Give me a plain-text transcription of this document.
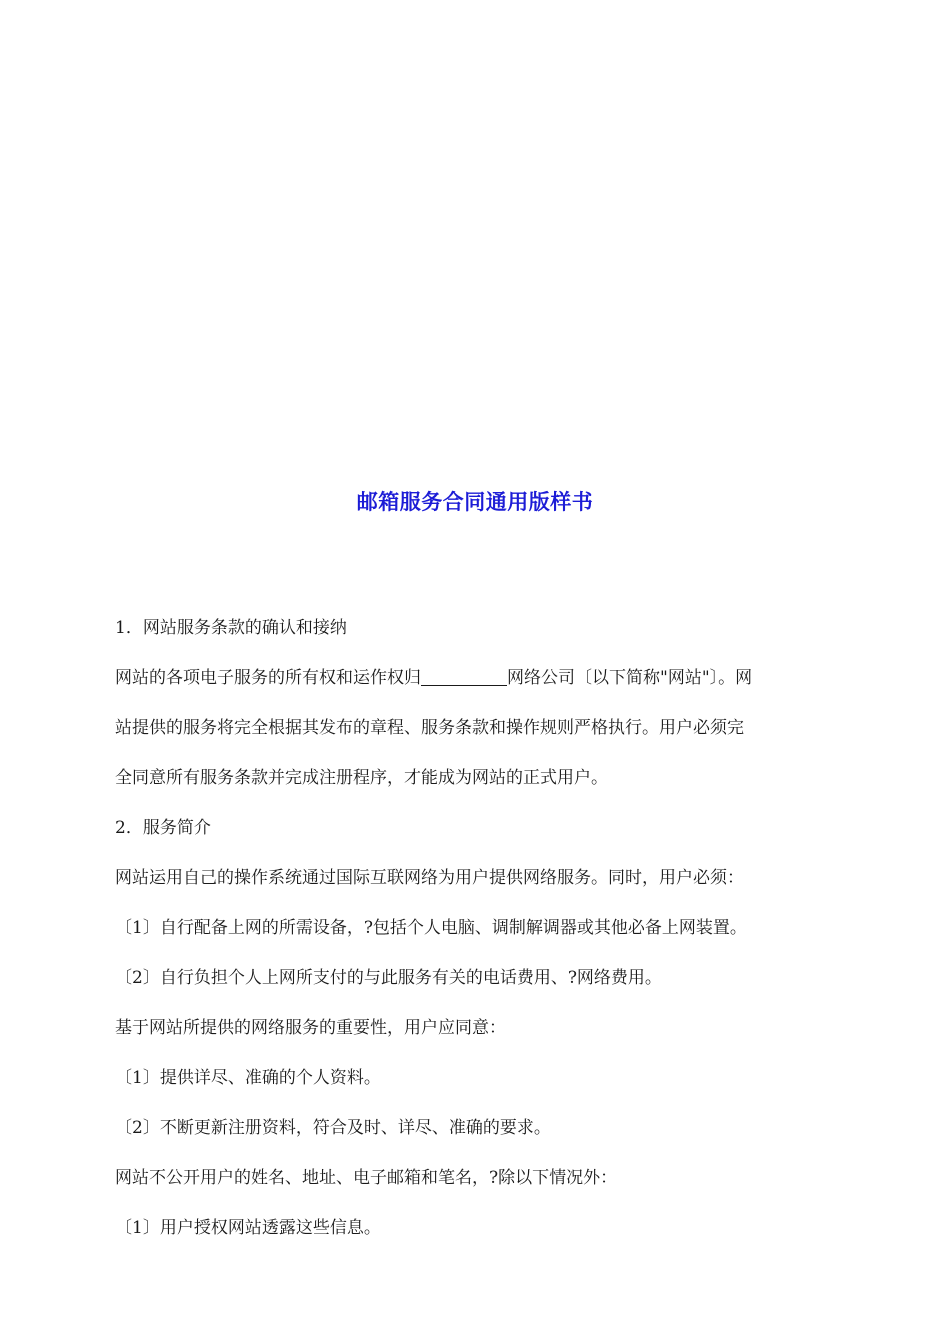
邮箱服务合同通用版样书
1．网站服务条款的确认和接纳
网站的各项电子服务的所有权和运作权归	网络公司〔以下简称"网站"〕。网
站提供的服务将完全根据其发布的章程、服务条款和操作规则严格执行。用户必须完
全同意所有服务条款并完成注册程序，才能成为网站的正式用户。
2．服务简介
网站运用自己的操作系统通过国际互联网络为用户提供网络服务。同时，用户必须：
〔1〕自行配备上网的所需设备，?包括个人电脑、调制解调器或其他必备上网装置。
〔2〕自行负担个人上网所支付的与此服务有关的电话费用、?网络费用。
基于网站所提供的网络服务的重要性，用户应同意：
〔1〕提供详尽、准确的个人资料。
〔2〕不断更新注册资料，符合及时、详尽、准确的要求。
网站不公开用户的姓名、地址、电子邮箱和笔名，?除以下情况外：
〔1〕用户授权网站透露这些信息。
